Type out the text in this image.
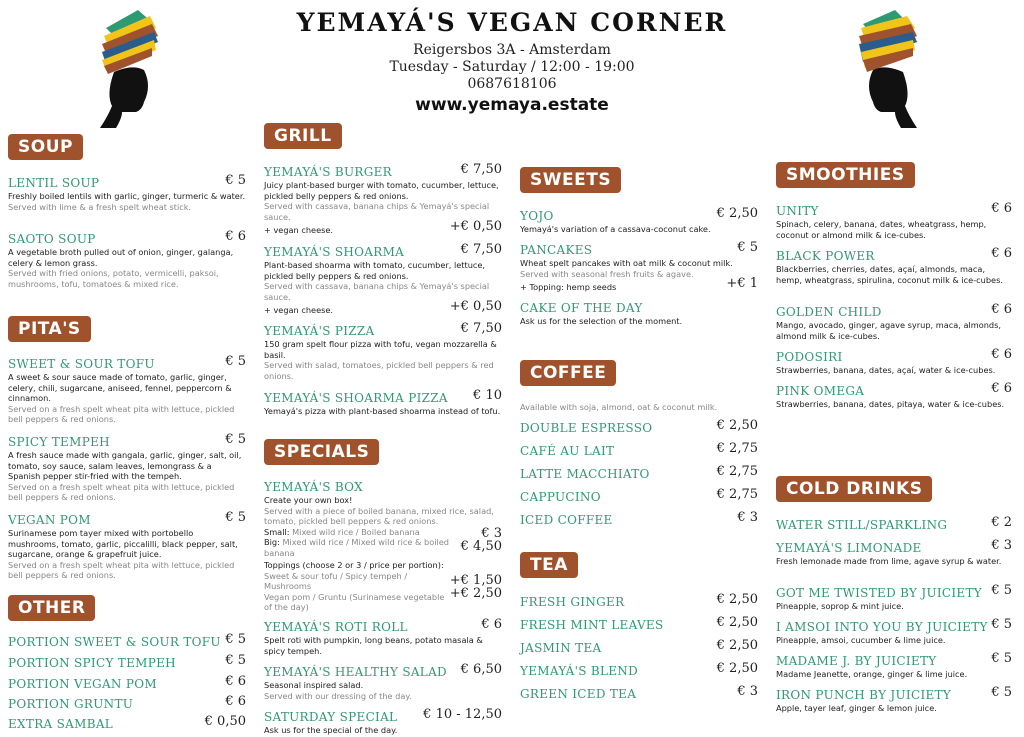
YEMAYÁ'S VEGAN CORNER
Reigersbos 3A - Amsterdam
Tuesday - Saturday / 12:00 - 19:00
0687618106
www.yemaya.estate
SOUP
LENTIL SOUP	€ 5
Freshly boiled lentils with garlic, ginger, turmeric & water.
Served with lime & a fresh spelt wheat stick.
SAOTO SOUP	€ 6
A vegetable broth pulled out of onion, ginger, galanga, celery & lemon grass.
Served with fried onions, potato, vermicelli, paksoi, mushrooms, tofu, tomatoes & mixed rice.
PITA'S
SWEET & SOUR TOFU	€ 5
A sweet & sour sauce made of tomato, garlic, ginger, celery, chili, sugarcane, aniseed, fennel, peppercorn & cinnamon.
Served on a fresh spelt wheat pita with lettuce, pickled bell peppers & red onions.
SPICY TEMPEH	€ 5
A fresh sauce made with gangala, garlic, ginger, salt, oil, tomato, soy sauce, salam leaves, lemongrass & a Spanish pepper stir-fried with the tempeh.
Served on a fresh spelt wheat pita with lettuce, pickled bell peppers & red onions.
VEGAN POM	€ 5
Surinamese pom tayer mixed with portobello mushrooms, tomato, garlic, piccalilli, black pepper, salt, sugarcane, orange & grapefruit juice.
Served on a fresh spelt wheat pita with lettuce, pickled bell peppers & red onions.
OTHER
PORTION SWEET & SOUR TOFU € 5
PORTION SPICY TEMPEH	€ 5
PORTION VEGAN POM	€ 6
PORTION GRUNTU	€ 6
EXTRA SAMBAL	€ 0,50
GRILL
YEMAYÁ'S BURGER	€ 7,50
Juicy plant-based burger with tomato, cucumber, lettuce, pickled belly peppers & red onions.
Served with cassava, banana chips & Yemayá's special sauce.
+ vegan cheese.	+€ 0,50
YEMAYÁ'S SHOARMA	€ 7,50
Plant-based shoarma with tomato, cucumber, lettuce, pickled belly peppers & red onions.
Served with cassava, banana chips & Yemayá's special sauce.
+ vegan cheese.	+€ 0,50
YEMAYÁ'S PIZZA	€ 7,50
150 gram spelt flour pizza with tofu, vegan mozzarella & basil.
Served with salad, tomatoes, pickled bell peppers & red onions.
YEMAYÁ'S SHOARMA PIZZA	€ 10
Yemayá's pizza with plant-based shoarma instead of tofu.
SPECIALS
YEMAYÁ'S BOX
Create your own box!
Served with a piece of boiled banana, mixed rice, salad, tomato, pickled bell peppers & red onions.
Small: Mixed wild rice / Boiled banana	€ 3
Big: Mixed wild rice / Mixed wild rice & boiled banana	€ 4,50
Toppings (choose 2 or 3 / price per portion):
Sweet & sour tofu / Spicy tempeh / Mushrooms	+€ 1,50
Vegan pom / Gruntu (Surinamese vegetable of the day)
+€ 2,50
YEMAYÁ'S ROTI ROLL	€ 6
Spelt roti with pumpkin, long beans, potato masala & spicy tempeh.
YEMAYÁ'S HEALTHY SALAD	€ 6,50
Seasonal inspired salad.
Served with our dressing of the day.
SATURDAY SPECIAL	€ 10 - 12,50
Ask us for the special of the day.
SWEETS
YOJO	€ 2,50
Yemayá's variation of a cassava-coconut cake.
PANCAKES	€ 5
Wheat spelt pancakes with oat milk & coconut milk.
Served with seasonal fresh fruits & agave.
+ Topping: hemp seeds	+€ 1
CAKE OF THE DAY
Ask us for the selection of the moment.
COFFEE
Available with soja, almond, oat & coconut milk.
DOUBLE ESPRESSO	€ 2,50
CAFÉ AU LAIT	€ 2,75
LATTE MACCHIATO	€ 2,75
CAPPUCINO	€ 2,75
ICED COFFEE	€ 3
TEA
FRESH GINGER	€ 2,50
FRESH MINT LEAVES	€ 2,50
JASMIN TEA	€ 2,50
YEMAYÁ'S BLEND	€ 2,50
GREEN ICED TEA	€ 3
SMOOTHIES
UNITY	€ 6
Spinach, celery, banana, dates, wheatgrass, hemp, coconut or almond milk & ice-cubes.
BLACK POWER	€ 6
Blackberries, cherries, dates, açaí, almonds, maca, hemp, wheatgrass, spirulina, coconut milk & ice-cubes.
GOLDEN CHILD	€ 6
Mango, avocado, ginger, agave syrup, maca, almonds, almond milk & ice-cubes.
PODOSIRI	€ 6
Strawberries, banana, dates, açaí, water & ice-cubes.
PINK OMEGA	€ 6
Strawberries, banana, dates, pitaya, water & ice-cubes.
COLD DRINKS
WATER STILL/SPARKLING	€ 2
YEMAYÁ'S LIMONADE	€ 3
Fresh lemonade made from lime, agave syrup & water.
GOT ME TWISTED BY JUICIETY € 5
Pineapple, soprop & mint juice.
I AMSOI INTO YOU BY JUICIETY € 5
Pineapple, amsoi, cucumber & lime juice.
MADAME J. BY JUICIETY	€ 5
Madame Jeanette, orange, ginger & lime juice.
IRON PUNCH BY JUICIETY	€ 5
Apple, tayer leaf, ginger & lemon juice.
